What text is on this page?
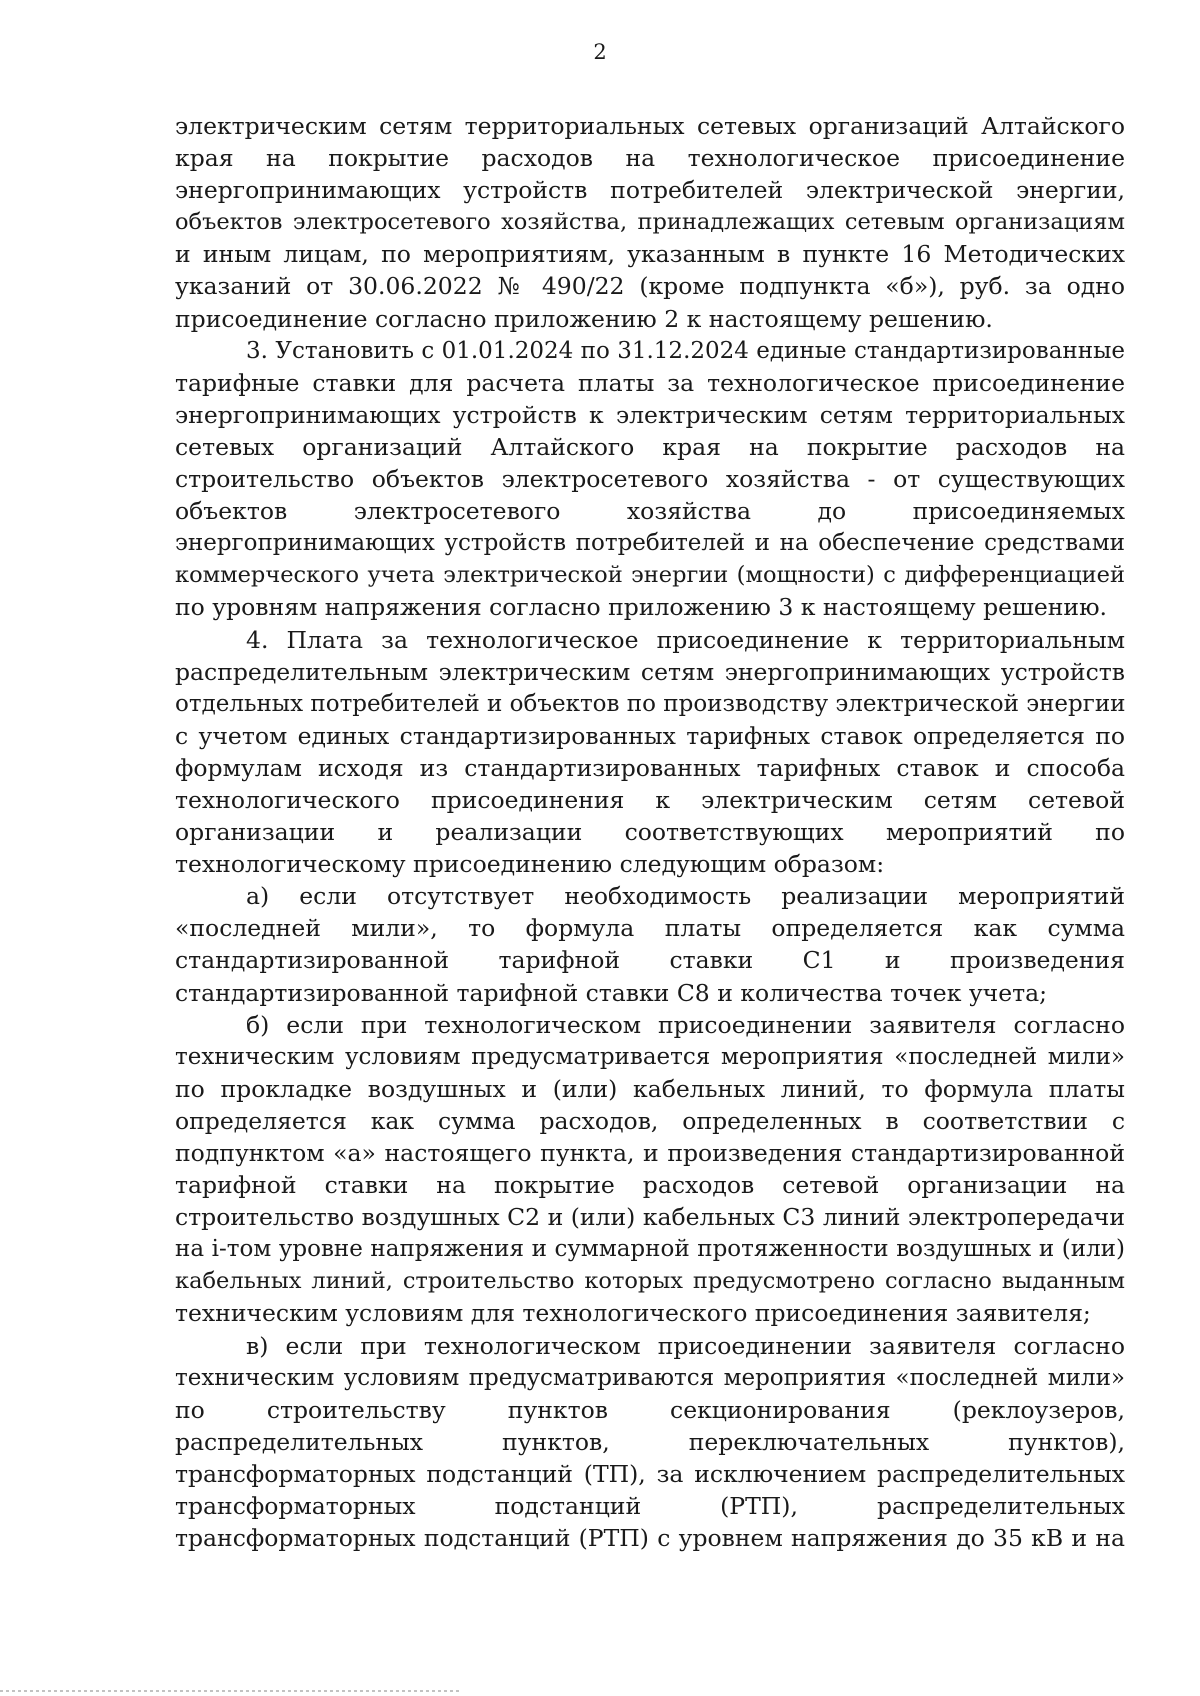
2
электрическим сетям территориальных сетевых организаций Алтайского
края на покрытие расходов на технологическое присоединение
энергопринимающих устройств потребителей электрической энергии,
объектов электросетевого хозяйства, принадлежащих сетевым организациям
и иным лицам, по мероприятиям, указанным в пункте 16 Методических
указаний от 30.06.2022 № 490/22 (кроме подпункта «б»), руб. за одно
присоединение согласно приложению 2 к настоящему решению.
3. Установить с 01.01.2024 по 31.12.2024 единые стандартизированные
тарифные ставки для расчета платы за технологическое присоединение
энергопринимающих устройств к электрическим сетям территориальных
сетевых организаций Алтайского края на покрытие расходов на
строительство объектов электросетевого хозяйства - от существующих
объектов электросетевого хозяйства до присоединяемых
энергопринимающих устройств потребителей и на обеспечение средствами
коммерческого учета электрической энергии (мощности) с дифференциацией
по уровням напряжения согласно приложению 3 к настоящему решению.
4. Плата за технологическое присоединение к территориальным
распределительным электрическим сетям энергопринимающих устройств
отдельных потребителей и объектов по производству электрической энергии
с учетом единых стандартизированных тарифных ставок определяется по
формулам исходя из стандартизированных тарифных ставок и способа
технологического присоединения к электрическим сетям сетевой
организации и реализации соответствующих мероприятий по
технологическому присоединению следующим образом:
а) если отсутствует необходимость реализации мероприятий
«последней мили», то формула платы определяется как сумма
стандартизированной тарифной ставки С1 и произведения
стандартизированной тарифной ставки С8 и количества точек учета;
б) если при технологическом присоединении заявителя согласно
техническим условиям предусматривается мероприятия «последней мили»
по прокладке воздушных и (или) кабельных линий, то формула платы
определяется как сумма расходов, определенных в соответствии с
подпунктом «а» настоящего пункта, и произведения стандартизированной
тарифной ставки на покрытие расходов сетевой организации на
строительство воздушных С2 и (или) кабельных С3 линий электропередачи
на i-том уровне напряжения и суммарной протяженности воздушных и (или)
кабельных линий, строительство которых предусмотрено согласно выданным
техническим условиям для технологического присоединения заявителя;
в) если при технологическом присоединении заявителя согласно
техническим условиям предусматриваются мероприятия «последней мили»
по строительству пунктов секционирования (реклоузеров,
распределительных пунктов, переключательных пунктов),
трансформаторных подстанций (ТП), за исключением распределительных
трансформаторных подстанций (РТП), распределительных
трансформаторных подстанций (РТП) с уровнем напряжения до 35 кВ и на
